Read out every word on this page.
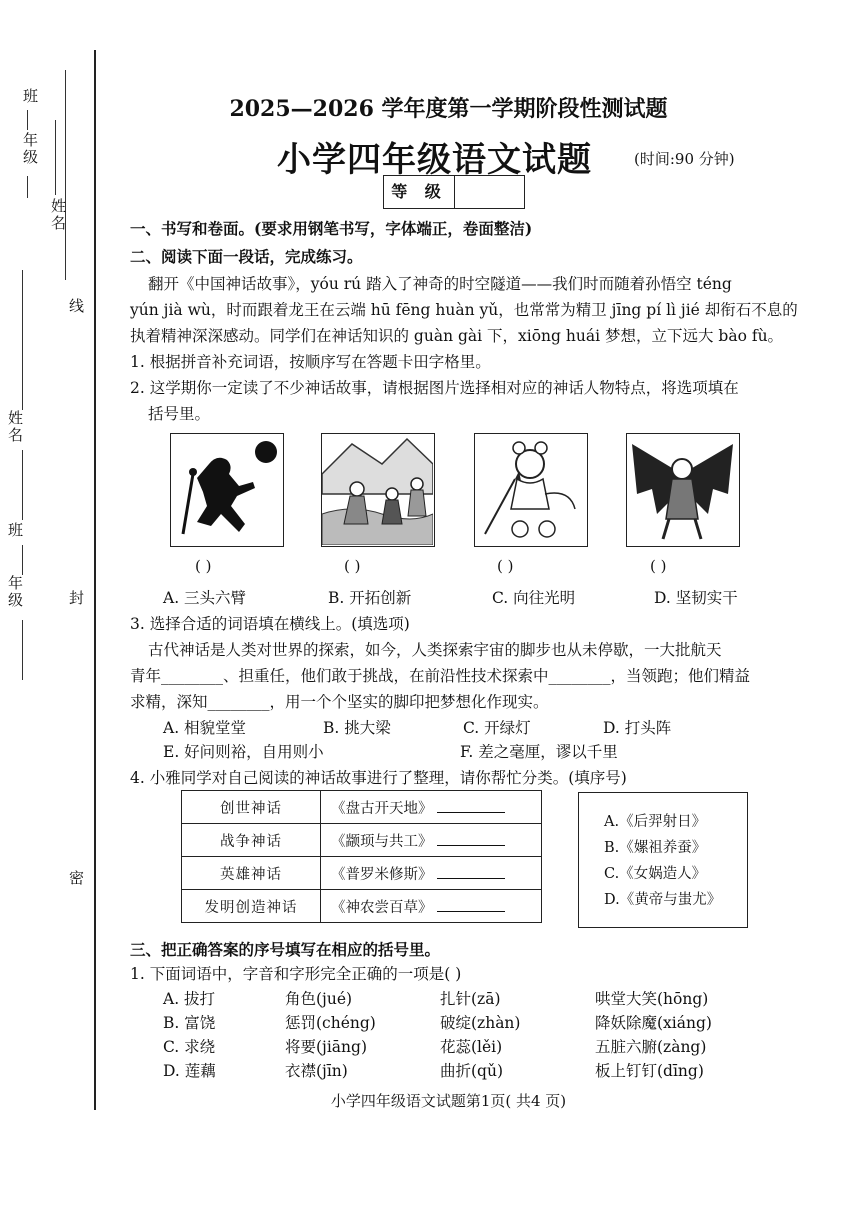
班
年级
姓名
姓名
班
年级
线
封
密
2025—2026 学年度第一学期阶段性测试题
小学四年级语文试题	(时间:90 分钟)
等 级
一、书写和卷面。(要求用钢笔书写，字体端正，卷面整洁)
二、阅读下面一段话，完成练习。
翻开《中国神话故事》，yóu rú 踏入了神奇的时空隧道——我们时而随着孙悟空 téng
yún jià wù，时而跟着龙王在云端 hū fēng huàn yǔ，也常常为精卫 jīng pí lì jié 却衔石不息的
执着精神深深感动。同学们在神话知识的 guàn gài 下，xiōng huái 梦想，立下远大 bào fù。
1. 根据拼音补充词语，按顺序写在答题卡田字格里。
2. 这学期你一定读了不少神话故事，请根据图片选择相对应的神话人物特点，将选项填在
括号里。
( )	( )	( )	( )
A. 三头六臂	B. 开拓创新	C. 向往光明	D. 坚韧实干
3. 选择合适的词语填在横线上。(填选项)
古代神话是人类对世界的探索，如今，人类探索宇宙的脚步也从未停歇，一大批航天
青年________、担重任，他们敢于挑战，在前沿性技术探索中________，当领跑；他们精益
求精，深知________，用一个个坚实的脚印把梦想化作现实。
A. 相貌堂堂	B. 挑大梁	C. 开绿灯	D. 打头阵
E. 好问则裕，自用则小	F. 差之毫厘，谬以千里
4. 小雅同学对自己阅读的神话故事进行了整理，请你帮忙分类。(填序号)
创世神话	《盘古开天地》
战争神话	《颛顼与共工》
英雄神话	《普罗米修斯》
发明创造神话	《神农尝百草》
A.《后羿射日》
B.《嫘祖养蚕》
C.《女娲造人》
D.《黄帝与蚩尤》
三、把正确答案的序号填写在相应的括号里。
1. 下面词语中，字音和字形完全正确的一项是( )
A. 拔打	角色(jué)	扎针(zā)	哄堂大笑(hōng)
B. 富饶	惩罚(chéng)	破绽(zhàn)	降妖除魔(xiáng)
C. 求绕	将要(jiāng)	花蕊(lěi)	五脏六腑(zàng)
D. 莲藕	衣襟(jīn)	曲折(qǔ)	板上钉钉(dīng)
小学四年级语文试题第1页( 共4 页)
